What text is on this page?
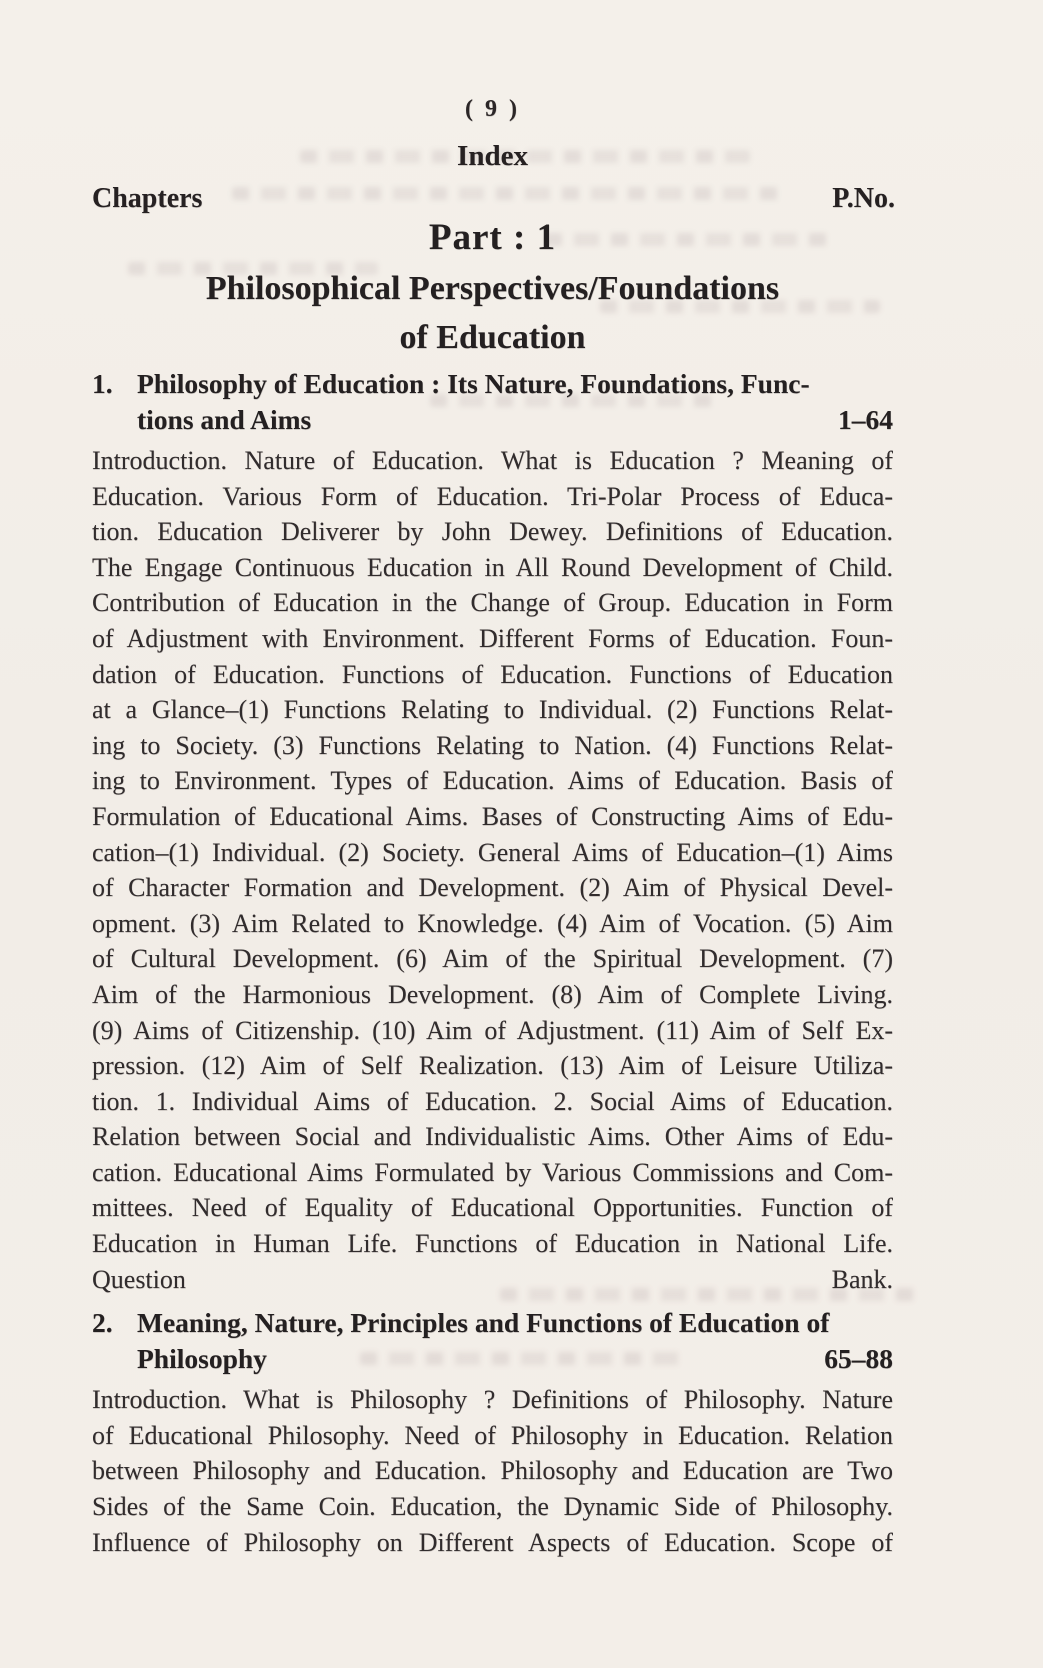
( 9 )
Index
Chapters	P.No.
Part : 1
Philosophical Perspectives/Foundations
of Education
1. Philosophy of Education : Its Nature, Foundations, Func-
tions and Aims	1–64
Introduction. Nature of Education. What is Education ? Meaning of
Education. Various Form of Education. Tri-Polar Process of Educa-
tion. Education Deliverer by John Dewey. Definitions of Education.
The Engage Continuous Education in All Round Development of Child.
Contribution of Education in the Change of Group. Education in Form
of Adjustment with Environment. Different Forms of Education. Foun-
dation of Education. Functions of Education. Functions of Education
at a Glance–(1) Functions Relating to Individual. (2) Functions Relat-
ing to Society. (3) Functions Relating to Nation. (4) Functions Relat-
ing to Environment. Types of Education. Aims of Education. Basis of
Formulation of Educational Aims. Bases of Constructing Aims of Edu-
cation–(1) Individual. (2) Society. General Aims of Education–(1) Aims
of Character Formation and Development. (2) Aim of Physical Devel-
opment. (3) Aim Related to Knowledge. (4) Aim of Vocation. (5) Aim
of Cultural Development. (6) Aim of the Spiritual Development. (7)
Aim of the Harmonious Development. (8) Aim of Complete Living.
(9) Aims of Citizenship. (10) Aim of Adjustment. (11) Aim of Self Ex-
pression. (12) Aim of Self Realization. (13) Aim of Leisure Utiliza-
tion. 1. Individual Aims of Education. 2. Social Aims of Education.
Relation between Social and Individualistic Aims. Other Aims of Edu-
cation. Educational Aims Formulated by Various Commissions and Com-
mittees. Need of Equality of Educational Opportunities. Function of
Education in Human Life. Functions of Education in National Life.
Question Bank.
2. Meaning, Nature, Principles and Functions of Education of
Philosophy	65–88
Introduction. What is Philosophy ? Definitions of Philosophy. Nature
of Educational Philosophy. Need of Philosophy in Education. Relation
between Philosophy and Education. Philosophy and Education are Two
Sides of the Same Coin. Education, the Dynamic Side of Philosophy.
Influence of Philosophy on Different Aspects of Education. Scope of
